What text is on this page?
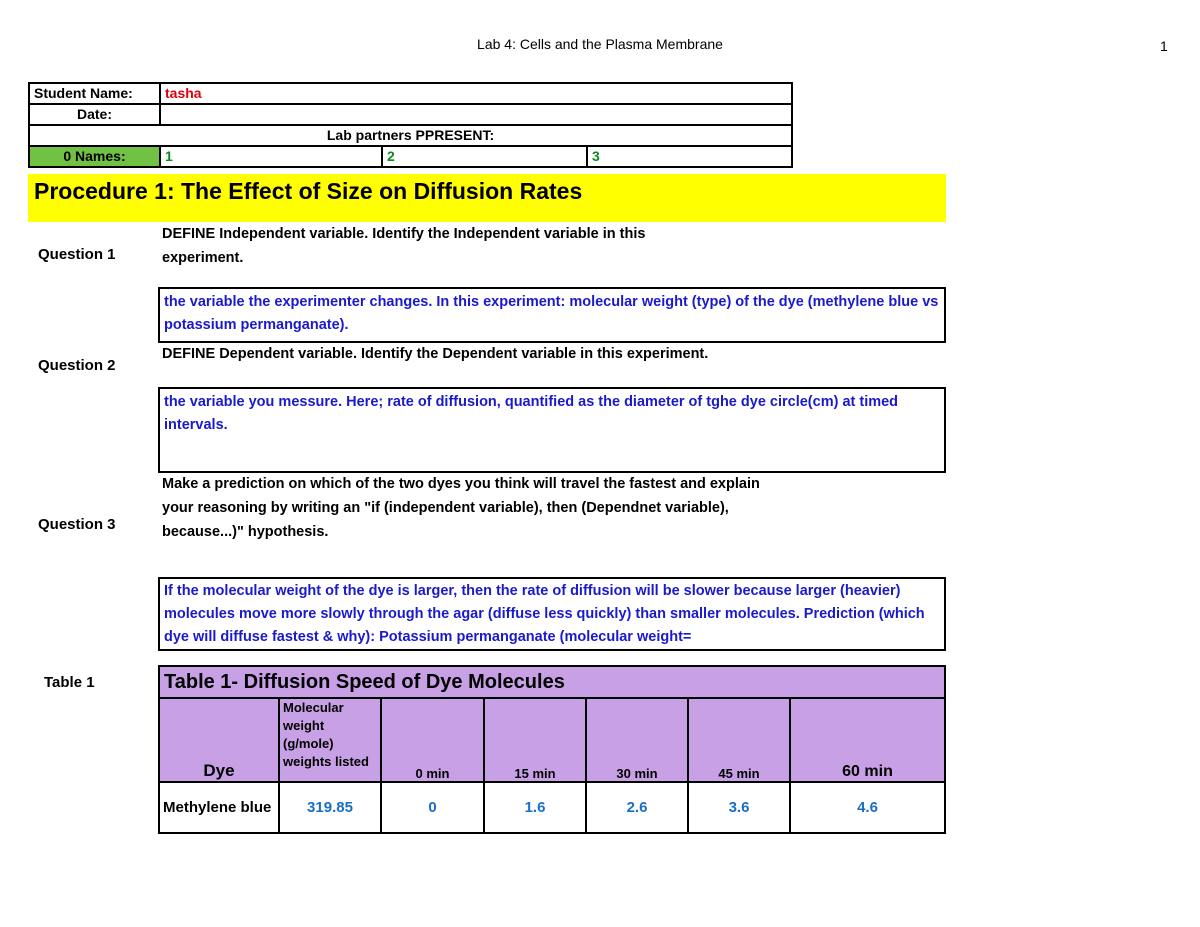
Lab 4: Cells and the Plasma Membrane	1
Student Name:	tasha
Date:
Lab partners PPRESENT:
0 Names:	1	2	3
Procedure 1: The Effect of Size on Diffusion Rates
Question 1
DEFINE Independent variable. Identify the Independent variable in this experiment.
the variable the experimenter changes. In this experiment: molecular weight (type) of the dye (methylene blue vs potassium permanganate).
Question 2
DEFINE Dependent variable. Identify the Dependent variable in this experiment.
the variable you messure. Here; rate of diffusion, quantified as the diameter of tghe dye circle(cm) at timed intervals.
Question 3
Make a prediction on which of the two dyes you think will travel the fastest and explain your reasoning by writing an "if (independent variable), then (Dependnet variable), because...)" hypothesis.
If the molecular weight of the dye is larger, then the rate of diffusion will be slower because larger (heavier) molecules move more slowly through the agar (diffuse less quickly) than smaller molecules. Prediction (which dye will diffuse fastest & why): Potassium permanganate (molecular weight=
Table 1	Table 1- Diffusion Speed of Dye Molecules
Dye	Molecular weight (g/mole) weights listed	0 min	15 min	30 min	45 min	60 min
Methylene blue	319.85	0	1.6	2.6	3.6	4.6
